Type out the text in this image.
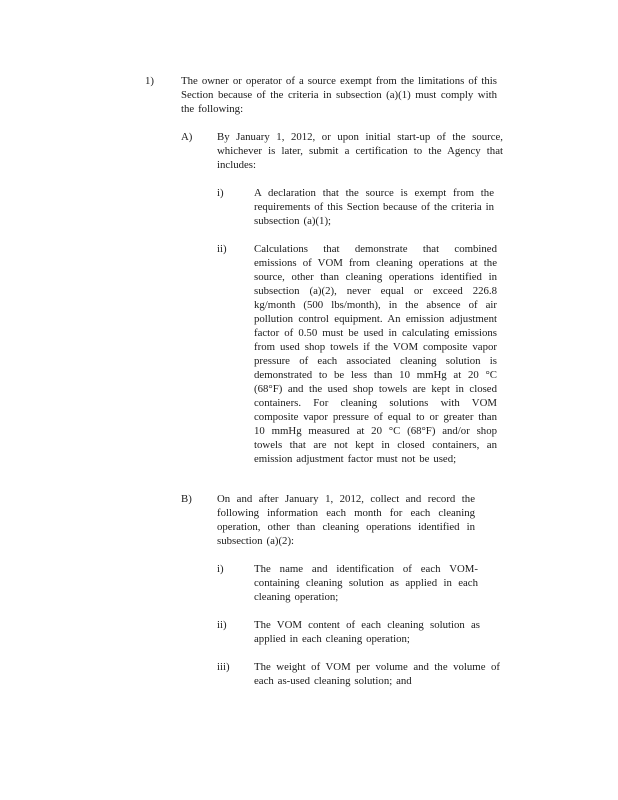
1)	The owner or operator of a source exempt from the limitations of this Section because of the criteria in subsection (a)(1) must comply with the following:
A) By January 1, 2012, or upon initial start-up of the source, whichever is later, submit a certification to the Agency that includes:
i)	A declaration that the source is exempt from the requirements of this Section because of the criteria in subsection (a)(1);
ii)	Calculations that demonstrate that combined emissions of VOM from cleaning operations at the source, other than cleaning operations identified in subsection (a)(2), never equal or exceed 226.8 kg/month (500 lbs/month), in the absence of air pollution control equipment. An emission adjustment factor of 0.50 must be used in calculating emissions from used shop towels if the VOM composite vapor pressure of each associated cleaning solution is demonstrated to be less than 10 mmHg at 20 °C (68°F) and the used shop towels are kept in closed containers. For cleaning solutions with VOM composite vapor pressure of equal to or greater than 10 mmHg measured at 20 °C (68°F) and/or shop towels that are not kept in closed containers, an emission adjustment factor must not be used;
B) On and after January 1, 2012, collect and record the following information each month for each cleaning operation, other than cleaning operations identified in subsection (a)(2):
i)	The name and identification of each VOM-containing cleaning solution as applied in each cleaning operation;
ii)	The VOM content of each cleaning solution as applied in each cleaning operation;
iii) The weight of VOM per volume and the volume of each as-used cleaning solution; and
